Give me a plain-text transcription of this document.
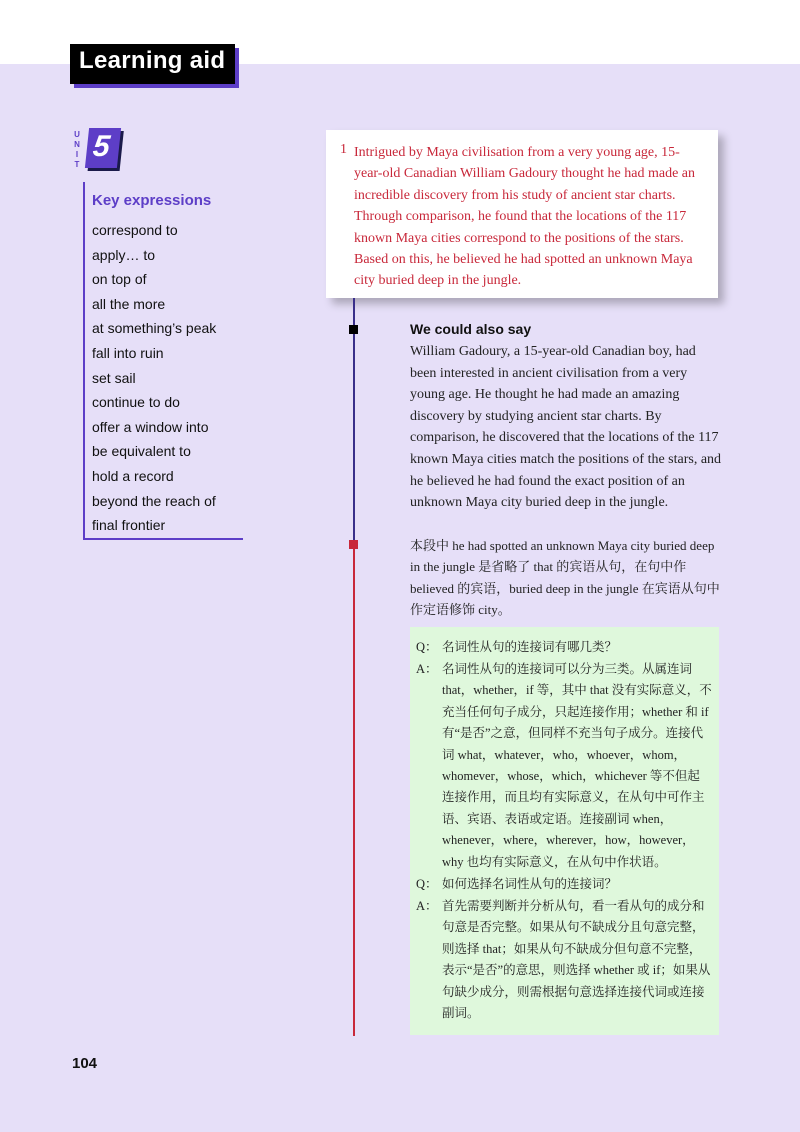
Learning aid
U
N
I
T
5
Key expressions
correspond to
apply… to
on top of
all the more
at something’s peak
fall into ruin
set sail
continue to do
offer a window into
be equivalent to
hold a record
beyond the reach of
final frontier
1 Intrigued by Maya civilisation from a very young age, 15-year-old Canadian William Gadoury thought he had made an incredible discovery from his study of ancient star charts. Through comparison, he found that the locations of the 117 known Maya cities correspond to the positions of the stars. Based on this, he believed he had spotted an unknown Maya city buried deep in the jungle.
We could also say
William Gadoury, a 15-year-old Canadian boy, had been interested in ancient civilisation from a very young age. He thought he had made an amazing discovery by studying ancient star charts. By comparison, he discovered that the locations of the 117 known Maya cities match the positions of the stars, and he believed he had found the exact position of an unknown Maya city buried deep in the jungle.
本段中 he had spotted an unknown Maya city buried deep in the jungle 是省略了 that 的宾语从句，在句中作 believed 的宾语，buried deep in the jungle 在宾语从句中作定语修饰 city。
Q： 名词性从句的连接词有哪几类？
A： 名词性从句的连接词可以分为三类。从属连词 that，whether，if 等，其中 that 没有实际意义，不充当任何句子成分，只起连接作用；whether 和 if 有“是否”之意，但同样不充当句子成分。连接代词 what，whatever，who，whoever，whom，whomever，whose，which，whichever 等不但起连接作用，而且均有实际意义，在从句中可作主语、宾语、表语或定语。连接副词 when，whenever，where，wherever，how，however，why 也均有实际意义，在从句中作状语。
Q： 如何选择名词性从句的连接词？
A： 首先需要判断并分析从句，看一看从句的成分和句意是否完整。如果从句不缺成分且句意完整，则选择 that；如果从句不缺成分但句意不完整，表示“是否”的意思，则选择 whether 或 if；如果从句缺少成分，则需根据句意选择连接代词或连接副词。
104
